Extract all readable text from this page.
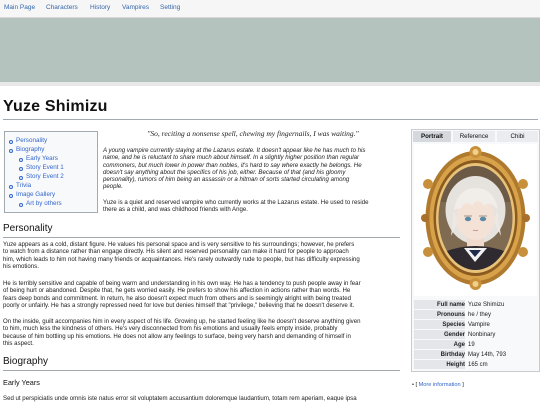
Main Page Characters History Vampires Setting
Yuze Shimizu
Personality
Biography
Early Years
Story Event 1
Story Event 2
Trivia
Image Gallery
Art by others
"So, reciting a nonsense spell, chewing my fingernails, I was waiting."
A young vampire currently staying at the Lazarus estate. It doesn't appear like he has much to his
name, and he is reluctant to share much about himself. In a slightly higher position than regular
commoners, but much lower in power than nobles, it's hard to say where exactly he belongs. He
doesn't say anything about the specifics of his job, either. Because of that (and his gloomy
personality), rumors of him being an assassin or a hitman of sorts started circulating among
people.
Yuze is a quiet and reserved vampire who currently works at the Lazarus estate. He used to reside
there as a child, and was childhood friends with Ange.
Personality
Yuze appears as a cold, distant figure. He values his personal space and is very sensitive to his surroundings; however, he prefers
to watch from a distance rather than engage directly. His silent and reserved personality can make it hard for people to approach
him, which leads to him not having many friends or acquaintances. He's rarely outwardly rude to people, but has difficulty expressing
his emotions.
He is terribly sensitive and capable of being warm and understanding in his own way. He has a tendency to push people away in fear
of being hurt or abandoned. Despite that, he gets worried easily. He prefers to show his affection in actions rather than words. He
fears deep bonds and commitment. In return, he also doesn't expect much from others and is seemingly alright with being treated
poorly or unfairly. He has a strongly repressed need for love but denies himself that "privilege," believing that he doesn't deserve it.
On the inside, guilt accompanies him in every aspect of his life. Growing up, he started feeling like he doesn't deserve anything given
to him, much less the kindness of others. He's very disconnected from his emotions and usually feels empty inside, probably
because of him bottling up his emotions. He does not allow any feelings to surface, being very harsh and demanding of himself in
this aspect.
Biography
Early Years
Sed ut perspiciatis unde omnis iste natus error sit voluptatem accusantium doloremque laudantium, totam rem aperiam, eaque ipsa
Portrait	Reference	Chibi
Full name Yuze Shimizu
Pronouns he / they
Species Vampire
Gender Nonbinary
Age 19
Birthday May 14th, 793
Height 165 cm
• [ More information ]
